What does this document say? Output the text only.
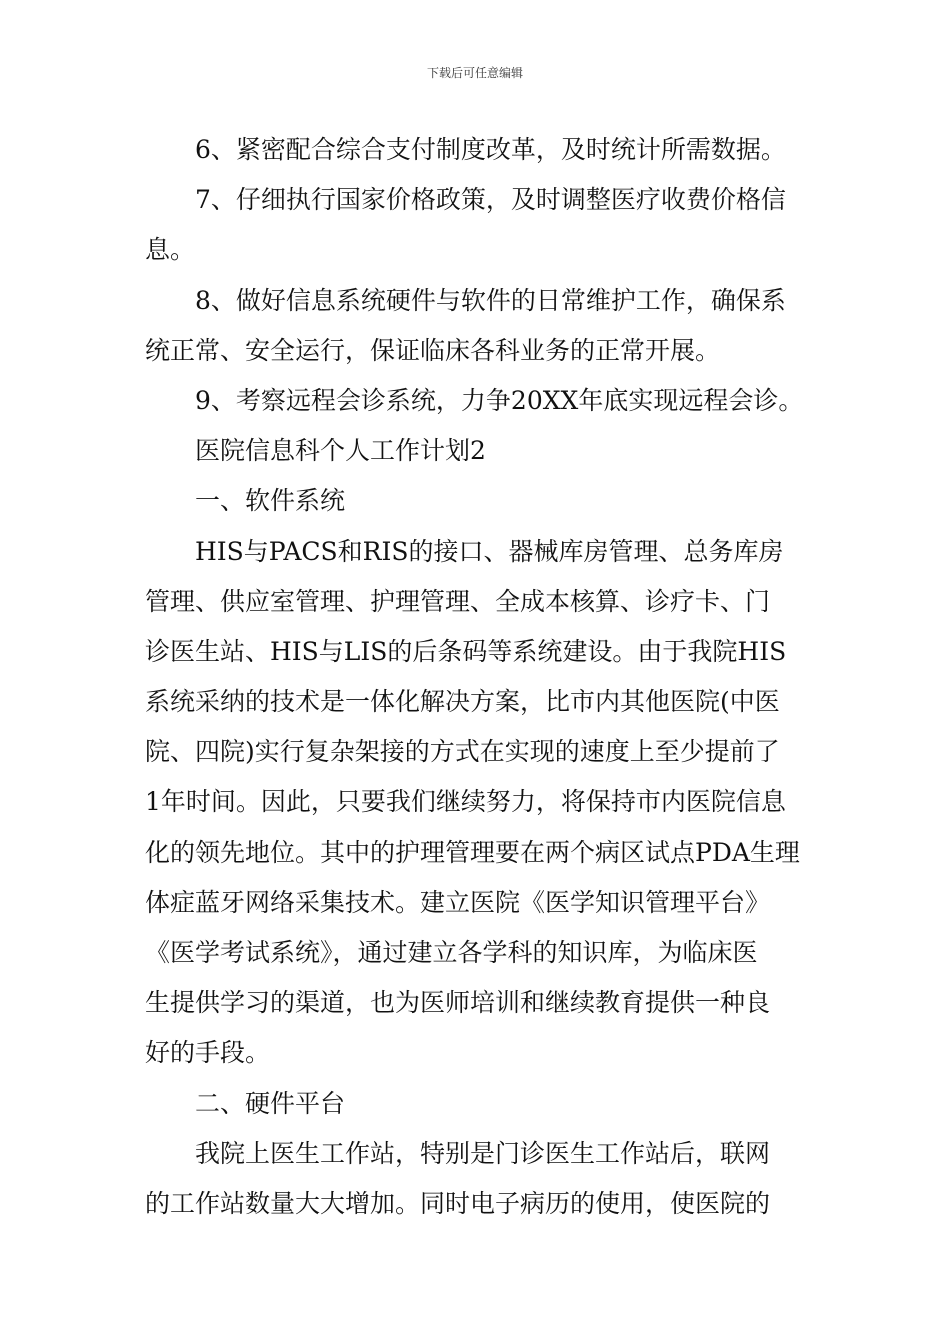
下载后可任意编辑
6、紧密配合综合支付制度改革，及时统计所需数据。
7、仔细执行国家价格政策，及时调整医疗收费价格信
息。
8、做好信息系统硬件与软件的日常维护工作，确保系
统正常、安全运行，保证临床各科业务的正常开展。
9、考察远程会诊系统，力争20XX年底实现远程会诊。
医院信息科个人工作计划2
一、软件系统
HIS与PACS和RIS的接口、器械库房管理、总务库房
管理、供应室管理、护理管理、全成本核算、诊疗卡、门
诊医生站、HIS与LIS的后条码等系统建设。由于我院HIS
系统采纳的技术是一体化解决方案，比市内其他医院(中医
院、四院)实行复杂架接的方式在实现的速度上至少提前了
1年时间。因此，只要我们继续努力，将保持市内医院信息
化的领先地位。其中的护理管理要在两个病区试点PDA生理
体症蓝牙网络采集技术。建立医院《医学知识管理平台》
《医学考试系统》，通过建立各学科的知识库，为临床医
生提供学习的渠道，也为医师培训和继续教育提供一种良
好的手段。
二、硬件平台
我院上医生工作站，特别是门诊医生工作站后，联网
的工作站数量大大增加。同时电子病历的使用，使医院的
